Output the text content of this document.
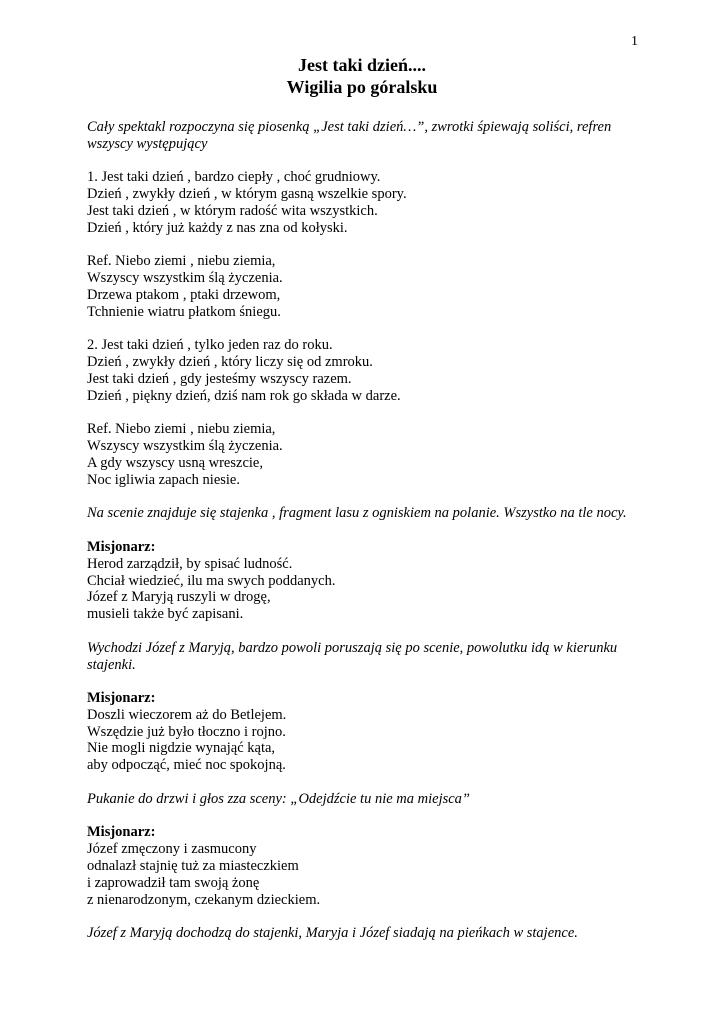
1
Jest taki dzień....
Wigilia po góralsku

Cały spektakl rozpoczyna się piosenką „Jest taki dzień…”, zwrotki śpiewają soliści, refren wszyscy występujący

1. Jest taki dzień , bardzo ciepły , choć grudniowy.
Dzień , zwykły dzień , w którym gasną wszelkie spory.
Jest taki dzień , w którym radość wita wszystkich.
Dzień , który już każdy z nas zna od kołyski.

Ref. Niebo ziemi , niebu ziemia,
Wszyscy wszystkim ślą życzenia.
Drzewa ptakom , ptaki drzewom,
Tchnienie wiatru płatkom śniegu.

2. Jest taki dzień , tylko jeden raz do roku.
Dzień , zwykły dzień , który liczy się od zmroku.
Jest taki dzień , gdy jesteśmy wszyscy razem.
Dzień , piękny dzień, dziś nam rok go składa w darze.

Ref. Niebo ziemi , niebu ziemia,
Wszyscy wszystkim ślą życzenia.
A gdy wszyscy usną wreszcie,
Noc igliwia zapach niesie.

Na scenie znajduje się stajenka , fragment lasu z ogniskiem na polanie. Wszystko na tle nocy.

Misjonarz:
Herod zarządził, by spisać ludność.
Chciał wiedzieć, ilu ma swych poddanych.
Józef z Maryją ruszyli w drogę,
musieli także być zapisani.

Wychodzi Józef z Maryją, bardzo powoli poruszają się po scenie, powolutku idą w kierunku stajenki.

Misjonarz:
Doszli wieczorem aż do Betlejem.
Wszędzie już było tłoczno i rojno.
Nie mogli nigdzie wynająć kąta,
aby odpocząć, mieć noc spokojną.

Pukanie do drzwi i głos zza sceny: „Odejdźcie tu nie ma miejsca”

Misjonarz:
Józef zmęczony i zasmucony
odnalazł stajnię tuż za miasteczkiem
i zaprowadził tam swoją żonę
z nienarodzonym, czekanym dzieckiem.

Józef z Maryją dochodzą do stajenki, Maryja i Józef siadają na pieńkach w stajence.
